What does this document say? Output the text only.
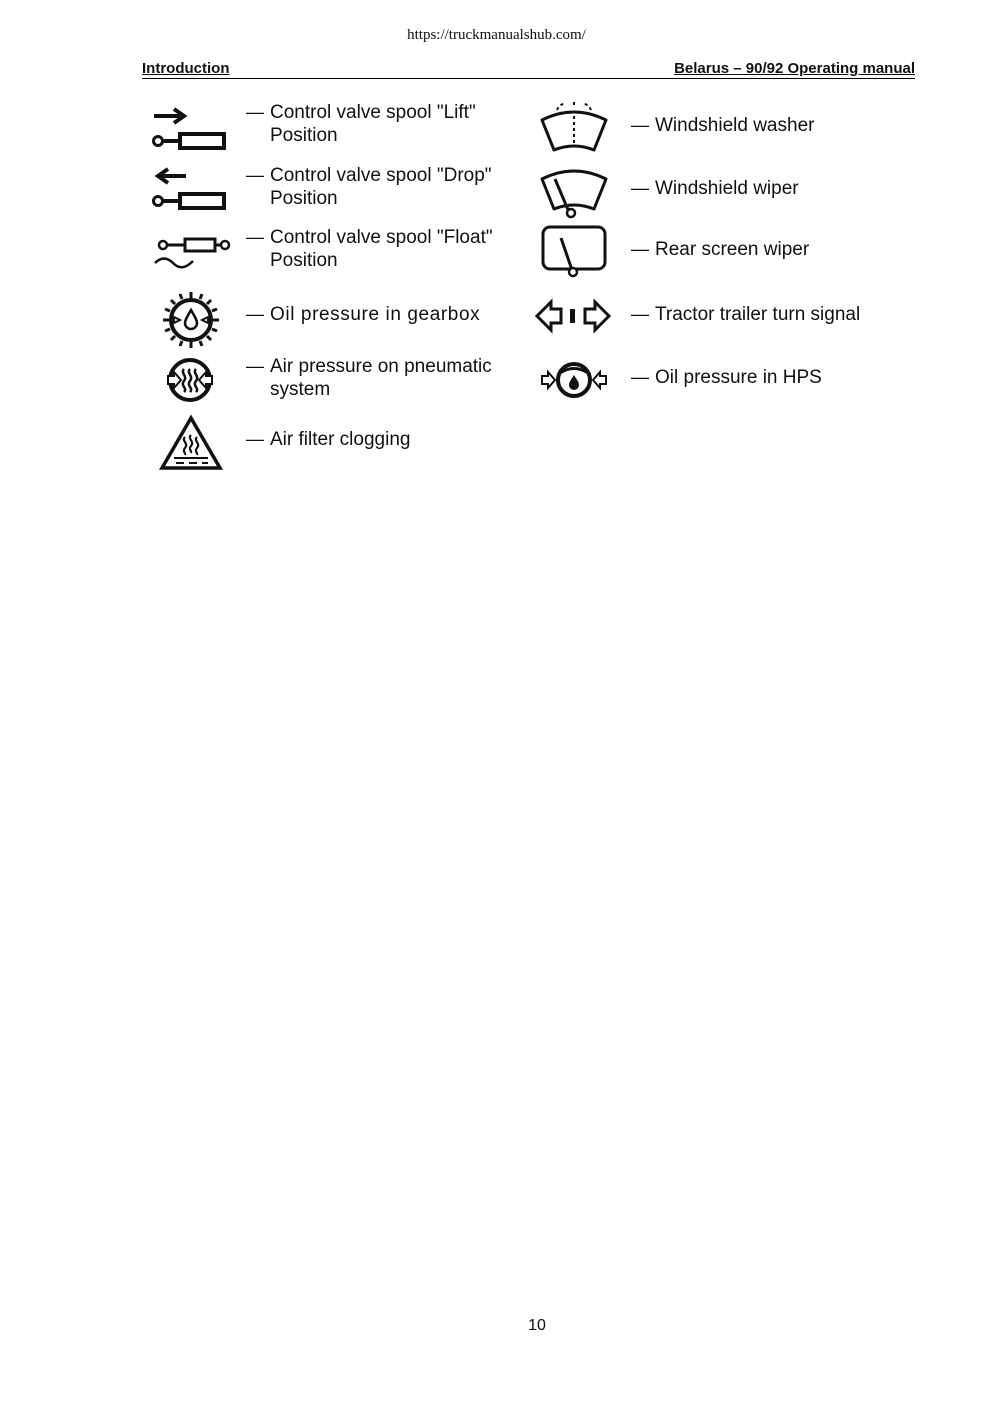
https://truckmanualshub.com/
Introduction	Belarus – 90/92 Operating manual
— Control valve spool "Lift"
Position
— Control valve spool "Drop"
Position
— Control valve spool "Float"
Position
— Oil pressure in gearbox
— Air pressure on pneumatic
system
— Air filter clogging
— Windshield washer
— Windshield wiper
— Rear screen wiper
— Tractor trailer turn signal
— Oil pressure in HPS
10
